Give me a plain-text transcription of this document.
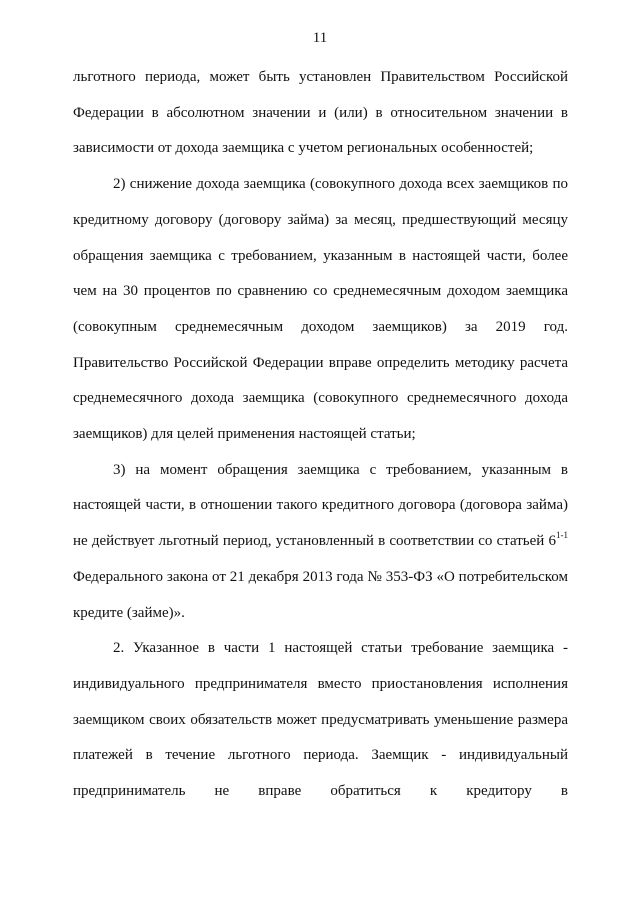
11

льготного периода, может быть установлен Правительством Российской Федерации в абсолютном значении и (или) в относительном значении в зависимости от дохода заемщика с учетом региональных особенностей;

2) снижение дохода заемщика (совокупного дохода всех заемщиков по кредитному договору (договору займа) за месяц, предшествующий месяцу обращения заемщика с требованием, указанным в настоящей части, более чем на 30 процентов по сравнению со среднемесячным доходом заемщика (совокупным среднемесячным доходом заемщиков) за 2019 год. Правительство Российской Федерации вправе определить методику расчета среднемесячного дохода заемщика (совокупного среднемесячного дохода заемщиков) для целей применения настоящей статьи;

3) на момент обращения заемщика с требованием, указанным в настоящей части, в отношении такого кредитного договора (договора займа) не действует льготный период, установленный в соответствии со статьей 6$^{1-1}$ Федерального закона от 21 декабря 2013 года № 353-ФЗ «О потребительском кредите (займе)».

2. Указанное в части 1 настоящей статьи требование заемщика - индивидуального предпринимателя вместо приостановления исполнения заемщиком своих обязательств может предусматривать уменьшение размера платежей в течение льготного периода. Заемщик - индивидуальный предприниматель не вправе обратиться к кредитору в
